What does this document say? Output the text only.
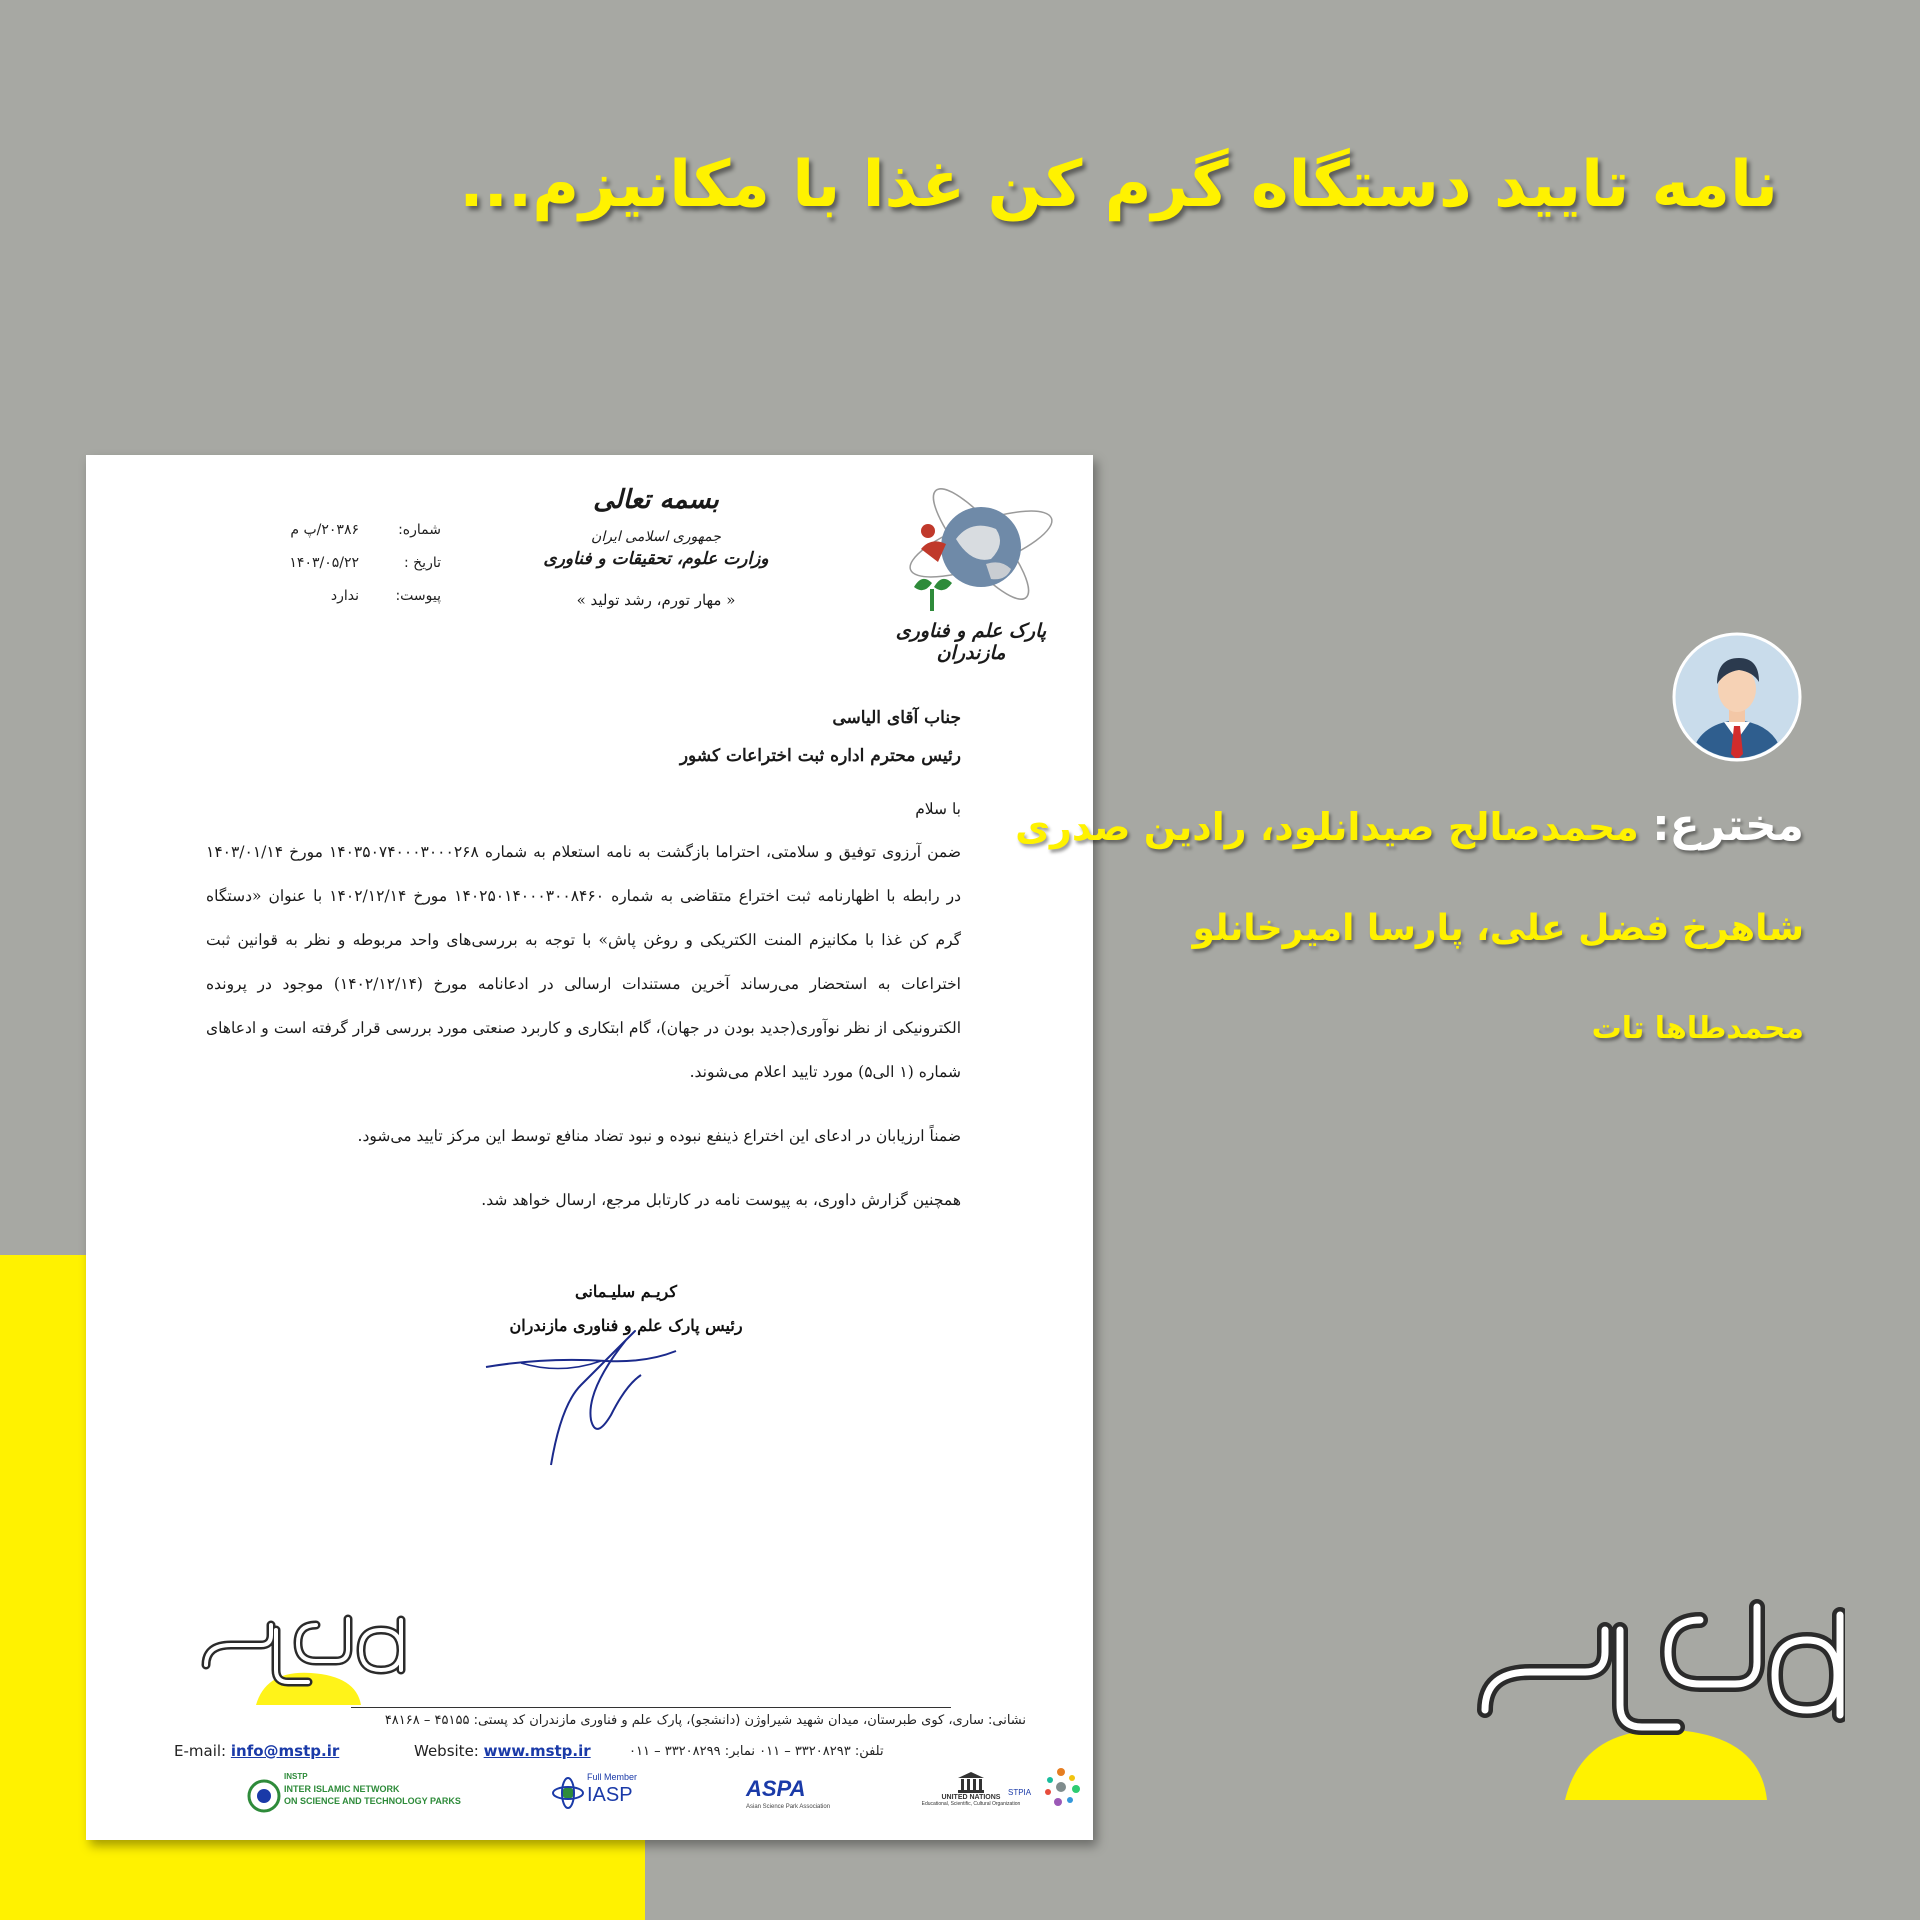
نامه تایید دستگاه گرم کن غذا با مکانیزم...
پارک علم و فناوری مازندران
بسمه تعالی
جمهوری اسلامی ایران
وزارت علوم، تحقیقات و فناوری
« مهار تورم، رشد تولید »
شماره:
۲۰۳۸۶/پ م
تاریخ :
۱۴۰۳/۰۵/۲۲
پیوست:
ندارد
جناب آقای الیاسی
رئیس محترم اداره ثبت اختراعات کشور
با سلام
ضمن آرزوی توفیق و سلامتی، احتراما بازگشت به نامه استعلام به شماره ۱۴۰۳۵۰۷۴۰۰۰۳۰۰۰۲۶۸ مورخ ۱۴۰۳/۰۱/۱۴ در رابطه با اظهارنامه ثبت اختراع متقاضی به شماره ۱۴۰۲۵۰۱۴۰۰۰۳۰۰۸۴۶۰ مورخ ۱۴۰۲/۱۲/۱۴ با عنوان «دستگاه گرم کن غذا با مکانیزم المنت الکتریکی و روغن پاش» با توجه به بررسی‌های واحد مربوطه و نظر به قوانین ثبت اختراعات به استحضار می‌رساند آخرین مستندات ارسالی در ادعانامه مورخ (۱۴۰۲/۱۲/۱۴) موجود در پرونده الکترونیکی از نظر نوآوری(جدید بودن در جهان)، گام ابتکاری و کاربرد صنعتی مورد بررسی قرار گرفته است و ادعاهای شماره (۱ الی۵) مورد تایید اعلام می‌شوند.
ضمناً ارزیابان در ادعای این اختراع ذینفع نبوده و نبود تضاد منافع توسط این مرکز تایید می‌شود.
همچنین گزارش داوری، به پیوست نامه در کارتابل مرجع، ارسال خواهد شد.
کریـم سلیـمانی
رئیس پارک علم و فناوری مازندران
نشانی: ساری، کوی طبرستان، میدان شهید شیراوژن (دانشجو)، پارک علم و فناوری مازندران کد پستی: ۴۵۱۵۵ – ۴۸۱۶۸
E-mail: info@mstp.ir	Website: www.mstp.ir	تلفن: ۳۳۲۰۸۲۹۳ – ۰۱۱ نمابر: ۳۳۲۰۸۲۹۹ – ۰۱۱
INSTP
INTER ISLAMIC NETWORK
ON SCIENCE AND TECHNOLOGY PARKS
Full Member
IASP	ASPA
Asian Science Park Association
UNITED NATIONS
Educational, Scientific, Cultural Organization
STPIA
مخترع: محمدصالح صیدانلود، رادین صدری
شاهرخ فضل علی، پارسا امیرخانلو
محمدطاها تات
